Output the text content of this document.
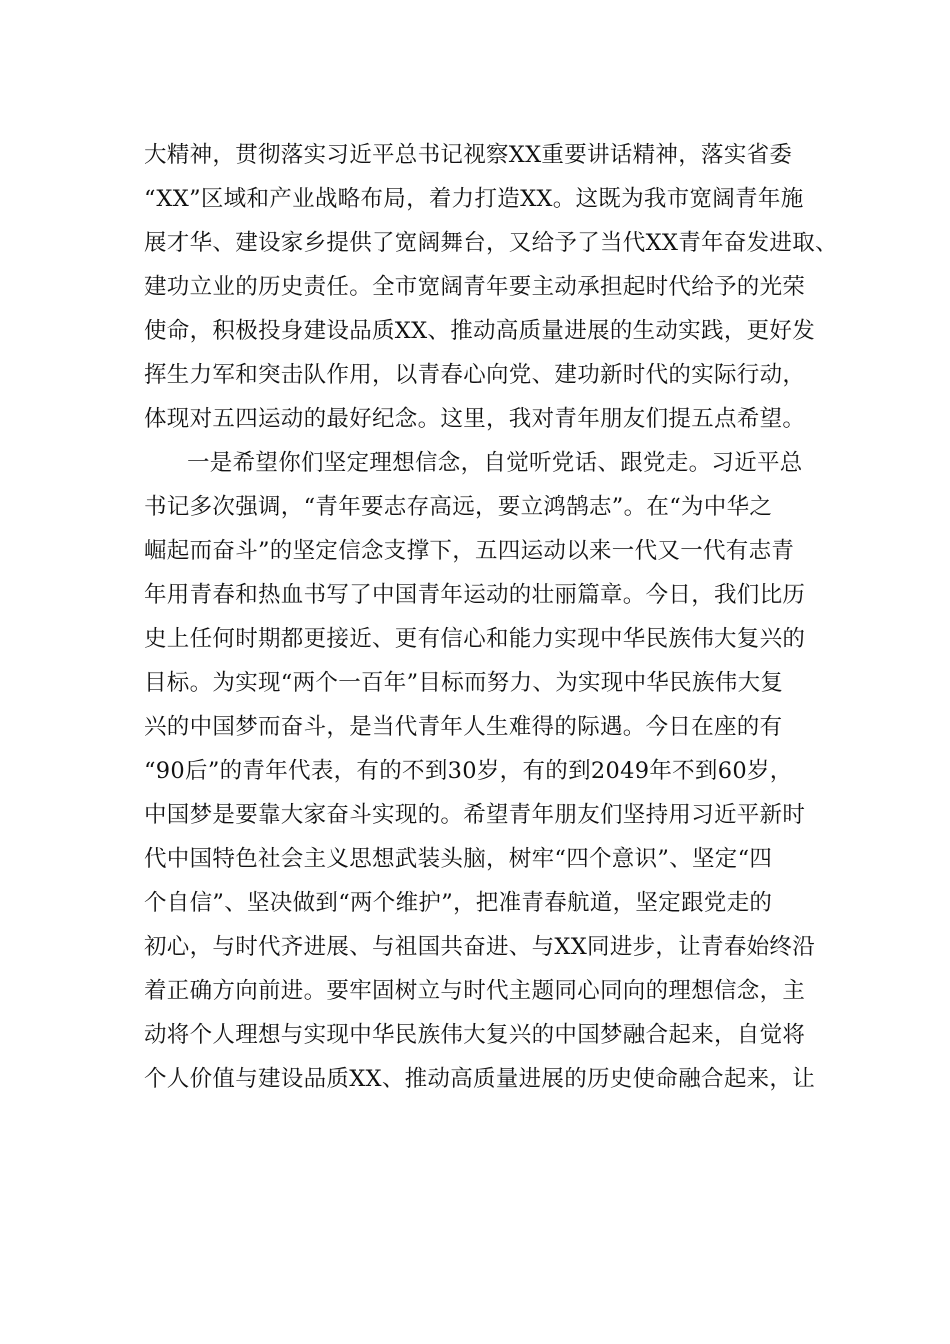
大精神，贯彻落实习近平总书记视察XX重要讲话精神，落实省委
“XX”区域和产业战略布局，着力打造XX。这既为我市宽阔青年施
展才华、建设家乡提供了宽阔舞台，又给予了当代XX青年奋发进取、
建功立业的历史责任。全市宽阔青年要主动承担起时代给予的光荣
使命，积极投身建设品质XX、推动高质量进展的生动实践，更好发
挥生力军和突击队作用，以青春心向党、建功新时代的实际行动，
体现对五四运动的最好纪念。这里，我对青年朋友们提五点希望。
一是希望你们坚定理想信念，自觉听党话、跟党走。习近平总
书记多次强调，“青年要志存高远，要立鸿鹄志”。在“为中华之
崛起而奋斗”的坚定信念支撑下，五四运动以来一代又一代有志青
年用青春和热血书写了中国青年运动的壮丽篇章。今日，我们比历
史上任何时期都更接近、更有信心和能力实现中华民族伟大复兴的
目标。为实现“两个一百年”目标而努力、为实现中华民族伟大复
兴的中国梦而奋斗，是当代青年人生难得的际遇。今日在座的有
“90后”的青年代表，有的不到30岁，有的到2049年不到60岁，
中国梦是要靠大家奋斗实现的。希望青年朋友们坚持用习近平新时
代中国特色社会主义思想武装头脑，树牢“四个意识”、坚定“四
个自信”、坚决做到“两个维护”，把准青春航道，坚定跟党走的
初心，与时代齐进展、与祖国共奋进、与XX同进步，让青春始终沿
着正确方向前进。要牢固树立与时代主题同心同向的理想信念，主
动将个人理想与实现中华民族伟大复兴的中国梦融合起来，自觉将
个人价值与建设品质XX、推动高质量进展的历史使命融合起来，让
